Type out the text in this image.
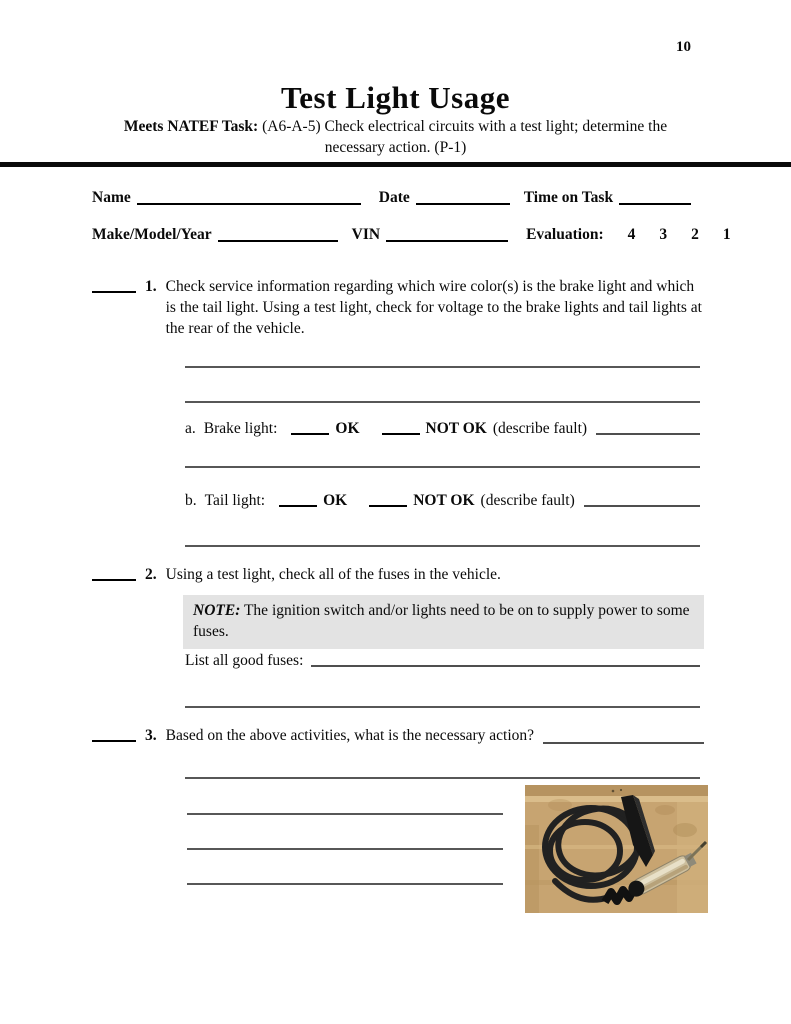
10
Test Light Usage
Meets NATEF Task: (A6-A-5) Check electrical circuits with a test light; determine the
necessary action. (P-1)
Name	Date	Time on Task
Make/Model/Year	VIN	Evaluation: 4 3 2 1
1. Check service information regarding which wire color(s) is the brake light and which is the tail light. Using a test light, check for voltage to the brake lights and tail lights at the rear of the vehicle.
a. Brake light:	OK	NOT OK (describe fault)
b. Tail light:	OK	NOT OK (describe fault)
2. Using a test light, check all of the fuses in the vehicle.
NOTE: The ignition switch and/or lights need to be on to supply power to some fuses.
List all good fuses:
3. Based on the above activities, what is the necessary action?
